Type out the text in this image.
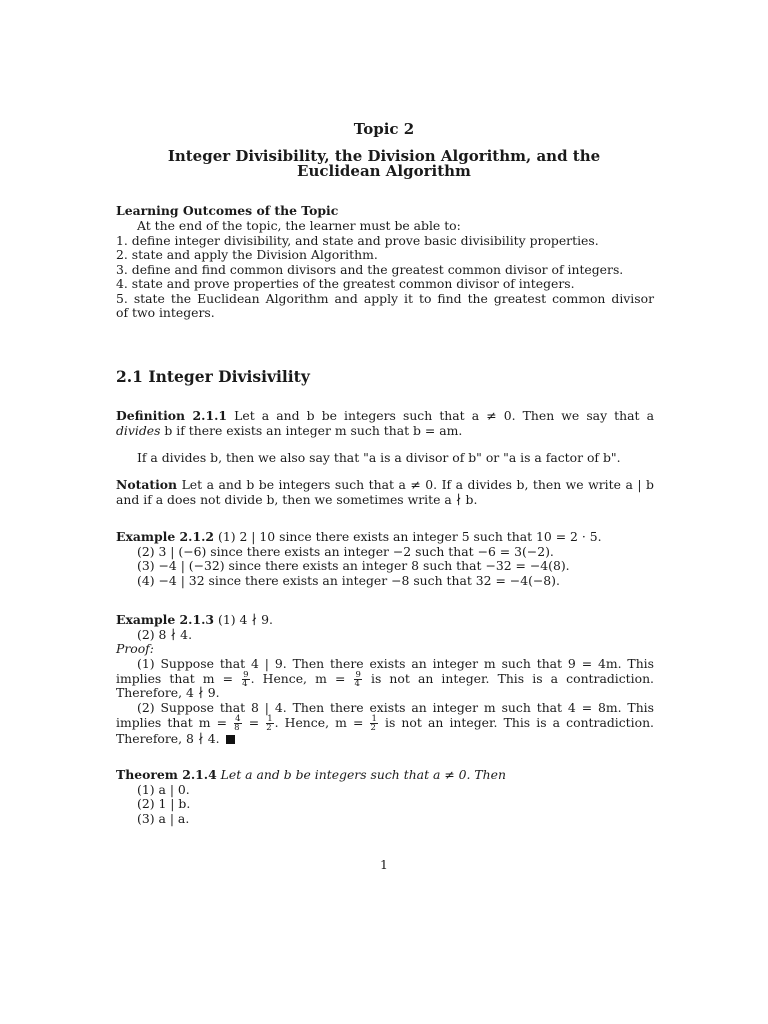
Topic 2
Integer Divisibility, the Division Algorithm, and the
Euclidean Algorithm
Learning Outcomes of the Topic
At the end of the topic, the learner must be able to:
1. define integer divisibility, and state and prove basic divisibility properties.
2. state and apply the Division Algorithm.
3. define and find common divisors and the greatest common divisor of integers.
4. state and prove properties of the greatest common divisor of integers.
5. state the Euclidean Algorithm and apply it to find the greatest common divisor
of two integers.
2.1 Integer Divisivility
Definition 2.1.1 Let a and b be integers such that a ≠ 0. Then we say that a
divides b if there exists an integer m such that b = am.
If a divides b, then we also say that "a is a divisor of b" or "a is a factor of b".
Notation Let a and b be integers such that a ≠ 0. If a divides b, then we write a | b
and if a does not divide b, then we sometimes write a ∤ b.
Example 2.1.2 (1) 2 | 10 since there exists an integer 5 such that 10 = 2 · 5.
(2) 3 | (−6) since there exists an integer −2 such that −6 = 3(−2).
(3) −4 | (−32) since there exists an integer 8 such that −32 = −4(8).
(4) −4 | 32 since there exists an integer −8 such that 32 = −4(−8).
Example 2.1.3 (1) 4 ∤ 9.
(2) 8 ∤ 4.
Proof:
(1) Suppose that 4 | 9. Then there exists an integer m such that 9 = 4m. This
implies that $m = \frac{9}{4}$ . Hence, $m = \frac{9}{4}$ is not an integer. This is a contradiction.
Therefore, 4 ∤ 9.
(2) Suppose that 8 | 4. Then there exists an integer m such that 4 = 8m. This
implies that $m = \frac{4}{8} = \frac{1}{2}$ . Hence, $m = \frac{1}{2}$ is not an integer. This is a contradiction.
Therefore, 8 ∤ 4.
Theorem 2.1.4 Let a and b be integers such that a ≠ 0. Then
(1) a | 0.
(2) 1 | b.
(3) a | a.
1
